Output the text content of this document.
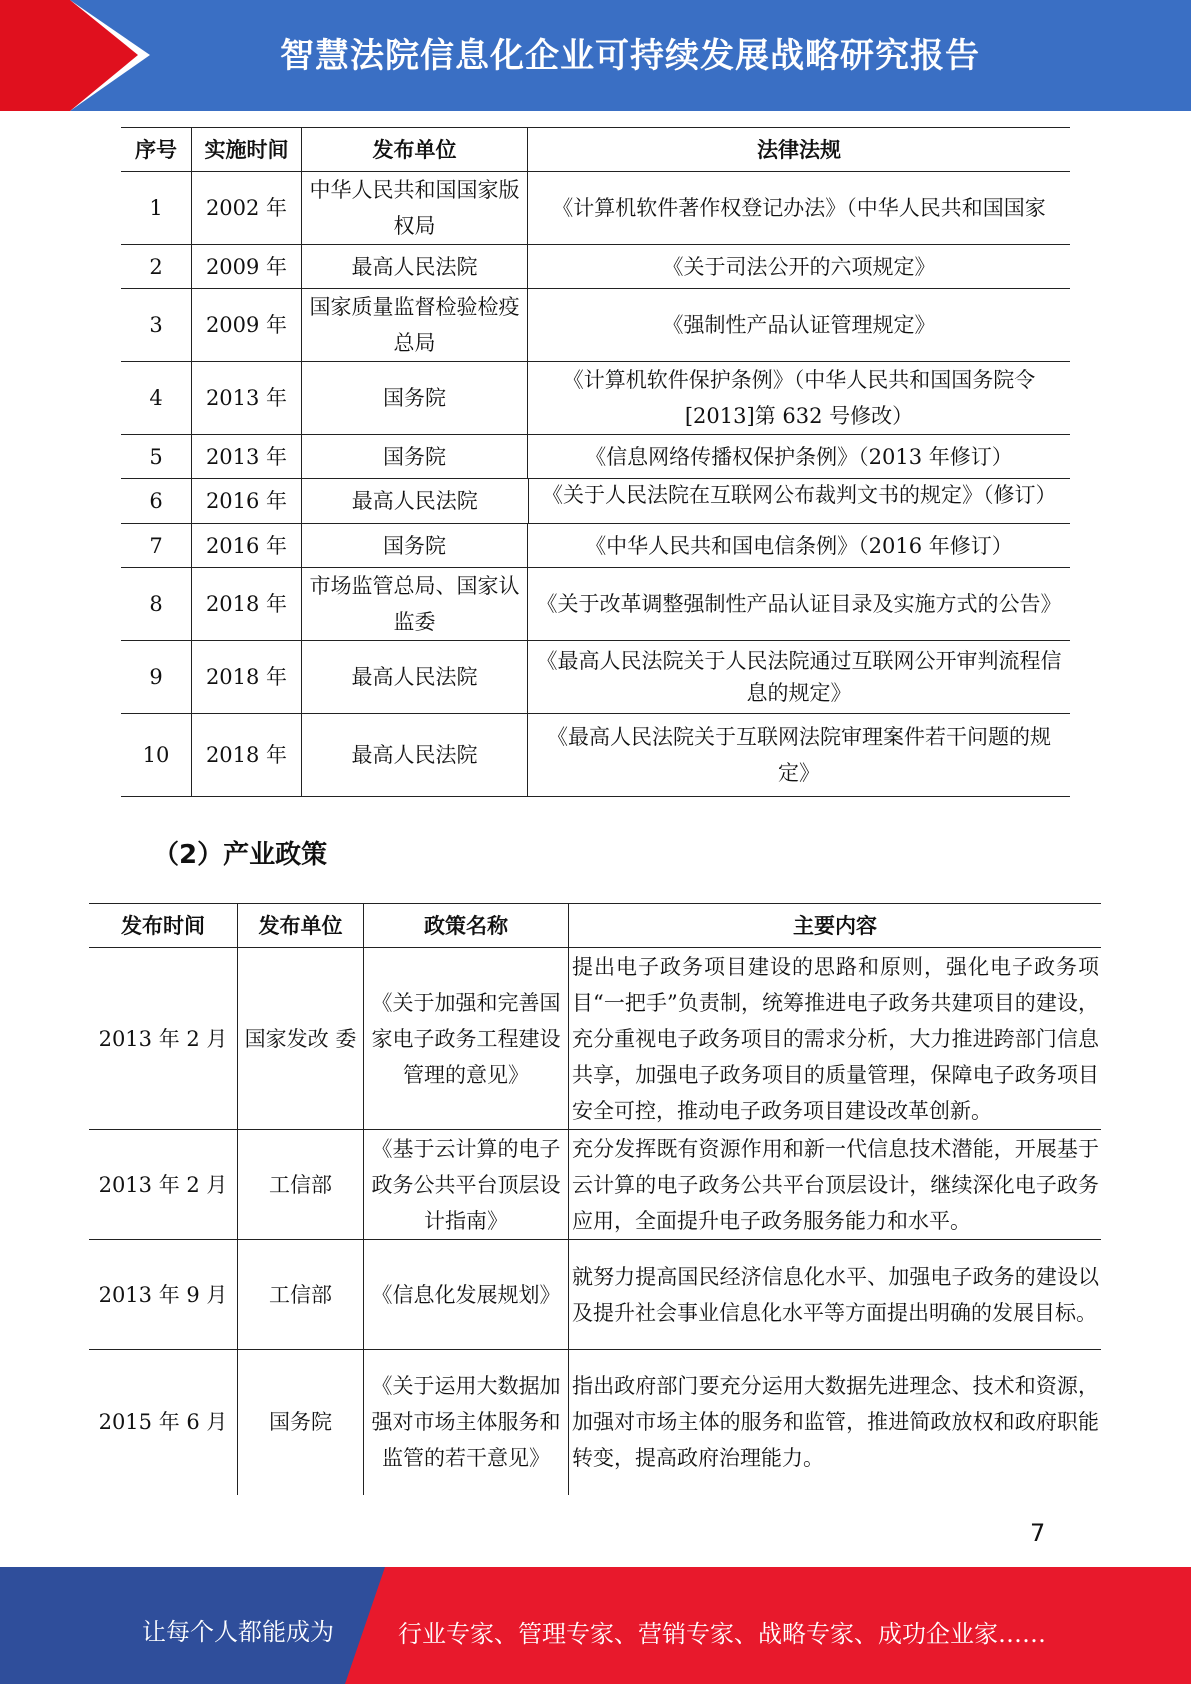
智慧法院信息化企业可持续发展战略研究报告
序号	实施时间	发布单位	法律法规
1	2002 年	中华人民共和国国家版权局	《计算机软件著作权登记办法》（中华人民共和国国家
2	2009 年	最高人民法院	《关于司法公开的六项规定》
3	2009 年	国家质量监督检验检疫总局	《强制性产品认证管理规定》
4	2013 年	国务院	《计算机软件保护条例》（中华人民共和国国务院令[2013]第 632 号修改）
5	2013 年	国务院	《信息网络传播权保护条例》（2013 年修订）
6	2016 年	最高人民法院		《关于人民法院在互联网公布裁判文书的规定》（修订）

7	2016 年	国务院	《中华人民共和国电信条例》（2016 年修订）
8	2018 年	市场监管总局、国家认监委	《关于改革调整强制性产品认证目录及实施方式的公告》
9	2018 年	最高人民法院	《最高人民法院关于人民法院通过互联网公开审判流程信息的规定》
10	2018 年	最高人民法院	《最高人民法院关于互联网法院审理案件若干问题的规定》
（2）产业政策
发布时间	发布单位	政策名称	主要内容
2013 年 2 月	国家发改 委	《关于加强和完善国家电子政务工程建设管理的意见》	提出电子政务项目建设的思路和原则，强化电子政务项目“一把手”负责制，统筹推进电子政务共建项目的建设，充分重视电子政务项目的需求分析，大力推进跨部门信息共享，加强电子政务项目的质量管理，保障电子政务项目安全可控，推动电子政务项目建设改革创新。
2013 年 2 月	工信部	《基于云计算的电子政务公共平台顶层设计指南》	充分发挥既有资源作用和新一代信息技术潜能，开展基于云计算的电子政务公共平台顶层设计，继续深化电子政务应用，全面提升电子政务服务能力和水平。
2013 年 9 月	工信部	《信息化发展规划》	就努力提高国民经济信息化水平、加强电子政务的建设以及提升社会事业信息化水平等方面提出明确的发展目标。
2015 年 6 月	国务院	《关于运用大数据加强对市场主体服务和监管的若干意见》	指出政府部门要充分运用大数据先进理念、技术和资源，加强对市场主体的服务和监管，推进简政放权和政府职能转变，提高政府治理能力。
7
让每个人都能成为	行业专家、管理专家、营销专家、战略专家、成功企业家……
